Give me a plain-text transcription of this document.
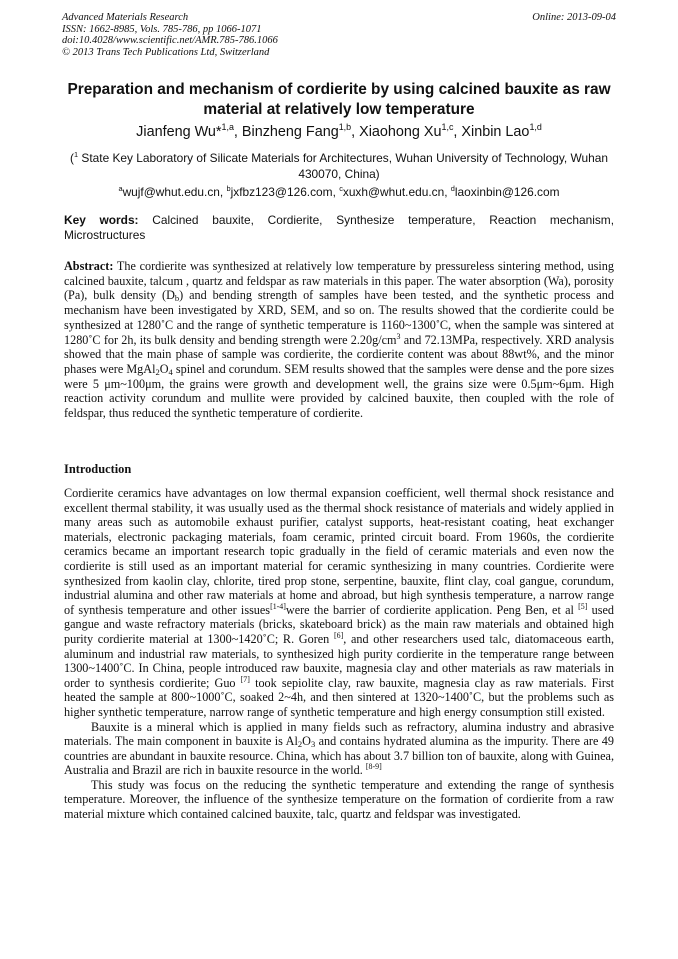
Advanced Materials Research	Online: 2013-09-04
ISSN: 1662-8985, Vols. 785-786, pp 1066-1071
doi:10.4028/www.scientific.net/AMR.785-786.1066
© 2013 Trans Tech Publications Ltd, Switzerland
Preparation and mechanism of cordierite by using calcined bauxite as raw material at relatively low temperature
Jianfeng Wu*$^{1,a}$, Binzheng Fang$^{1,b}$, Xiaohong Xu$^{1,c}$, Xinbin Lao$^{1,d}$
($^1$ State Key Laboratory of Silicate Materials for Architectures, Wuhan University of Technology, Wuhan 430070, China)
$^a$wujf@whut.edu.cn, $^b$jxfbz123@126.com, $^c$xuxh@whut.edu.cn, $^d$laoxinbin@126.com
Key words: Calcined bauxite, Cordierite, Synthesize temperature, Reaction mechanism, Microstructures
Abstract: The cordierite was synthesized at relatively low temperature by pressureless sintering method, using calcined bauxite, talcum , quartz and feldspar as raw materials in this paper. The water absorption (Wa), porosity (Pa), bulk density $(D_b)$ and bending strength of samples have been tested, and the synthetic process and mechanism have been investigated by XRD, SEM, and so on. The results showed that the cordierite could be synthesized at 1280˚C and the range of synthetic temperature is 1160~1300˚C, when the sample was sintered at 1280˚C for 2h, its bulk density and bending strength were $2.20g/cm^3$ and 72.13MPa, respectively. XRD analysis showed that the main phase of sample was cordierite, the cordierite content was about 88wt%, and the minor phases were $MgAl_2O_4$ spinel and corundum. SEM results showed that the samples were dense and the pore sizes were 5 μm~100μm, the grains were growth and development well, the grains size were 0.5μm~6μm. High reaction activity corundum and mullite were provided by calcined bauxite, then coupled with the role of feldspar, thus reduced the synthetic temperature of cordierite.
Introduction

Cordierite ceramics have advantages on low thermal expansion coefficient, well thermal shock resistance and excellent thermal stability, it was usually used as the thermal shock resistance of materials and widely applied in many areas such as automobile exhaust purifier, catalyst supports, heat-resistant coating, heat exchanger materials, electronic packaging materials, foam ceramic, printed circuit board. From 1960s, the cordierite ceramics became an important research topic gradually in the field of ceramic materials and even now the cordierite is still used as an important material for ceramic synthesizing in many countries. Cordierite were synthesized from kaolin clay, chlorite, tired prop stone, serpentine, bauxite, flint clay, coal gangue, corundum, industrial alumina and other raw materials at home and abroad, but high synthesis temperature, a narrow range of synthesis temperature and other issues[1-4]were the barrier of cordierite application. Peng Ben, et al [5] used gangue and waste refractory materials (bricks, skateboard brick) as the main raw materials and obtained high purity cordierite material at 1300~1420˚C; R. Goren [6], and other researchers used talc, diatomaceous earth, aluminum and industrial raw materials, to synthesized high purity cordierite in the temperature range between 1300~1400˚C. In China, people introduced raw bauxite, magnesia clay and other materials as raw materials in order to synthesis cordierite; Guo [7] took sepiolite clay, raw bauxite, magnesia clay as raw materials. First heated the sample at 800~1000˚C, soaked 2~4h, and then sintered at 1320~1400˚C, but the problems such as higher synthetic temperature, narrow range of synthetic temperature and high energy consumption still existed.

Bauxite is a mineral which is applied in many fields such as refractory, alumina industry and abrasive materials. The main component in bauxite is $Al_2O_3$ and contains hydrated alumina as the impurity. There are 49 countries are abundant in bauxite resource. China, which has about 3.7 billion ton of bauxite, along with Guinea, Australia and Brazil are rich in bauxite resource in the world. [8-9]

This study was focus on the reducing the synthetic temperature and extending the range of synthesis temperature. Moreover, the influence of the synthesize temperature on the formation of cordierite from a raw material mixture which contained calcined bauxite, talc, quartz and feldspar was investigated.
